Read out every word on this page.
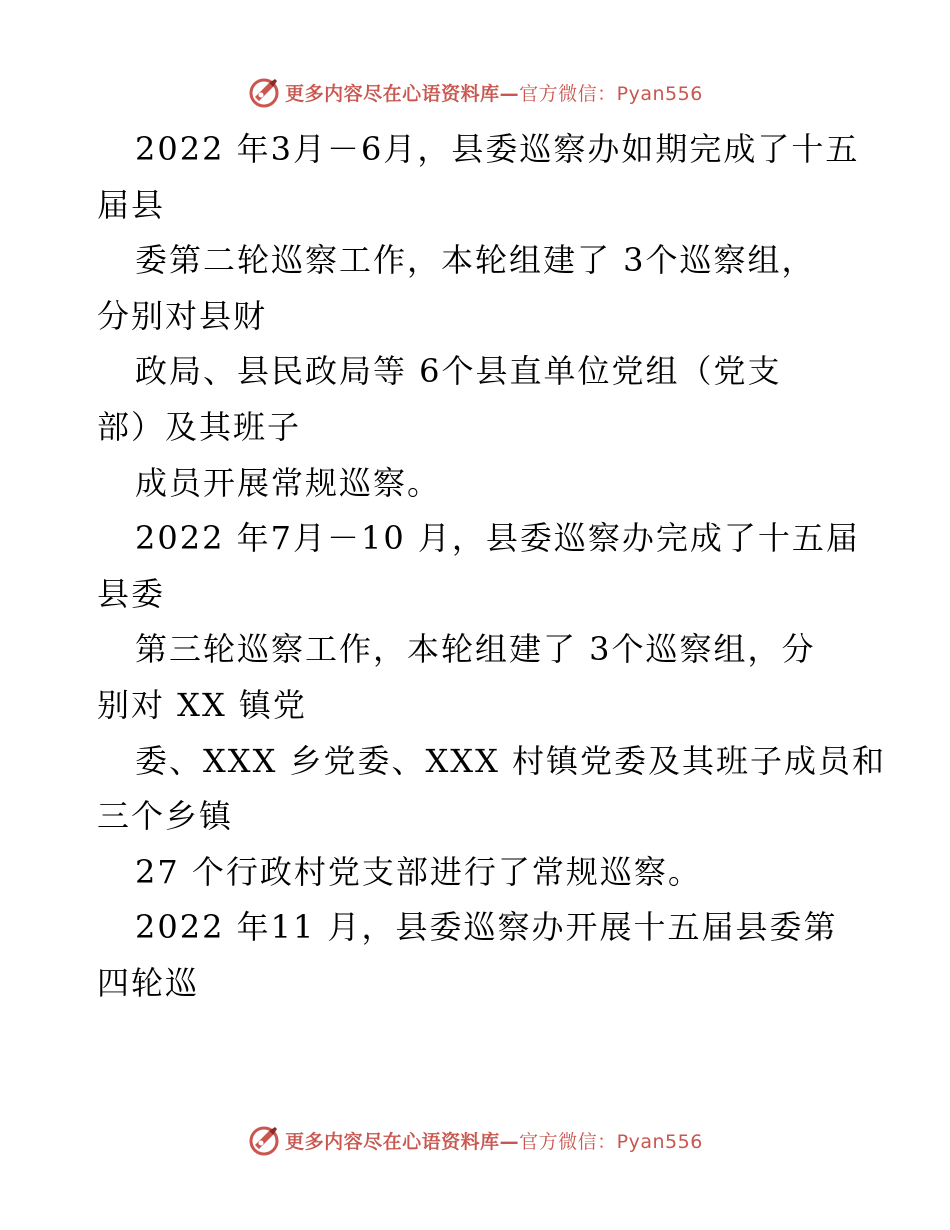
更多内容尽在心语资料库—官方微信：Pyan556
2022 年3月－6月，县委巡察办如期完成了十五
届县
委第二轮巡察工作，本轮组建了 3个巡察组，
分别对县财
政局、县民政局等 6个县直单位党组（党支
部）及其班子
成员开展常规巡察。
2022 年7月－10 月，县委巡察办完成了十五届
县委
第三轮巡察工作，本轮组建了 3个巡察组，分
别对 XX 镇党
委、XXX 乡党委、XXX 村镇党委及其班子成员和
三个乡镇
27 个行政村党支部进行了常规巡察。
2022 年11 月，县委巡察办开展十五届县委第
四轮巡
更多内容尽在心语资料库—官方微信：Pyan556
